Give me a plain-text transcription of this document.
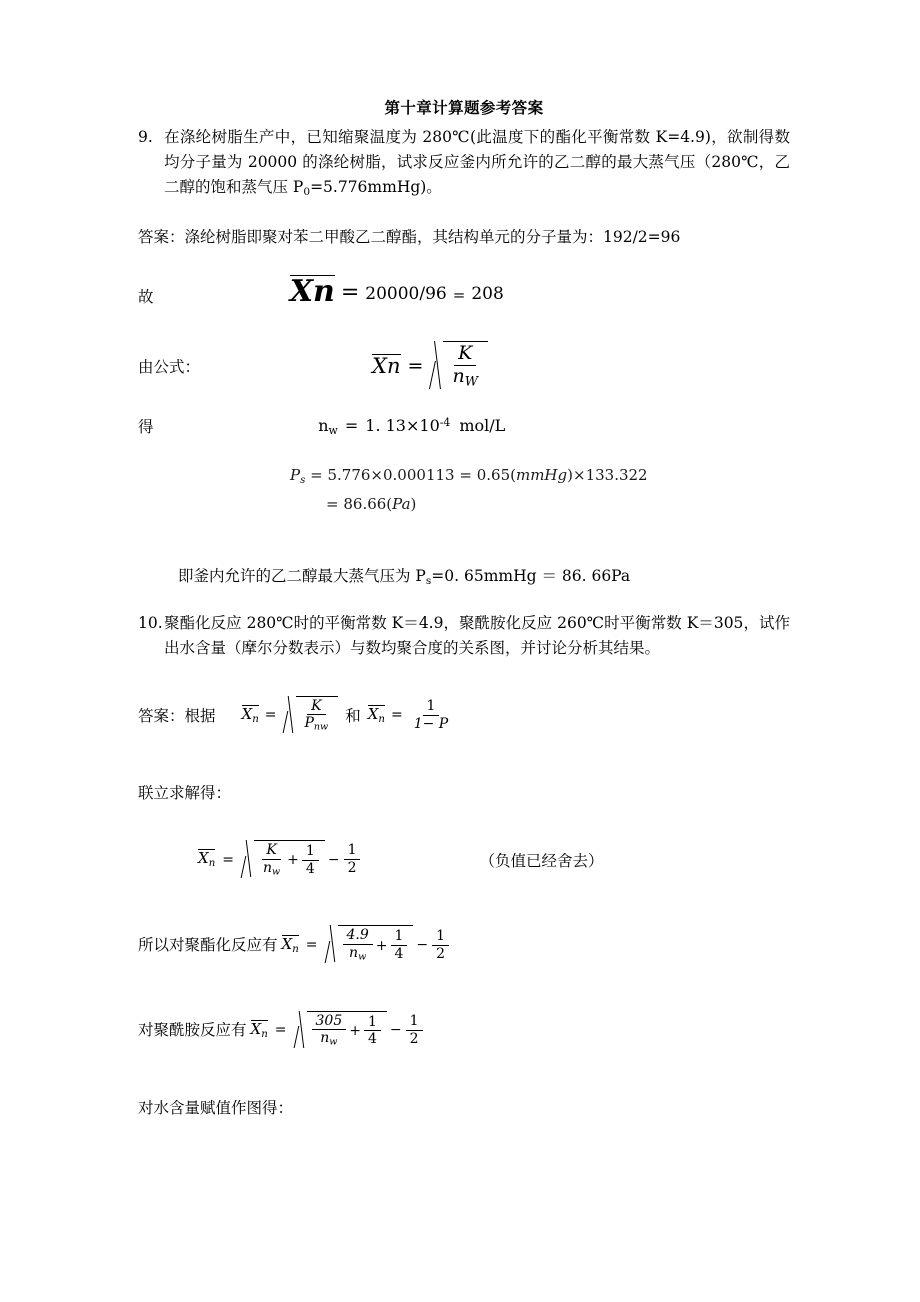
第十章计算题参考答案
9. 在涤纶树脂生产中，已知缩聚温度为 280℃(此温度下的酯化平衡常数 K=4.9)，欲制得数均分子量为 20000 的涤纶树脂，试求反应釜内所允许的乙二醇的最大蒸气压（280℃，乙二醇的饱和蒸气压 $P_0=5.776mmHg$)。
答案：涤纶树脂即聚对苯二甲酸乙二醇酯，其结构单元的分子量为：192/2=96
故	Xn = 20000/96 = 208
由公式：	Xn =	$\frac{K}{n_W}$
得	$n_w = 1$. $13 \times 10^{-4}$ mol/L
$P_s = 5.776\times 0.000113$ = 0.65(mmHg)×133.322
= 86.66(Pa)
即釜内允许的乙二醇最大蒸气压为 $P_s=0$. 65mmHg ＝ 86. 66Pa
10. 聚酯化反应 280℃时的平衡常数 K＝4.9，聚酰胺化反应 260℃时平衡常数 K＝305，试作出水含量（摩尔分数表示）与数均聚合度的关系图，并讨论分析其结果。
答案：根据 $X_n$ =	$\frac{K}{P_{nw}}$ 和 $X_n = \frac{1}{1- P}$
联立求解得：
$X_n$ =	$\frac{K}{n_w} + \frac{1}{4} - \frac{1}{2}$	（负值已经舍去）
所以对聚酯化反应有 $X_n$ =	$\frac{4.9}{n_w} + \frac{1}{4} - \frac{1}{2}$
对聚酰胺反应有 $X_n$ =	$\frac{305}{n_w} + \frac{1}{4} - \frac{1}{2}$
对水含量赋值作图得：
